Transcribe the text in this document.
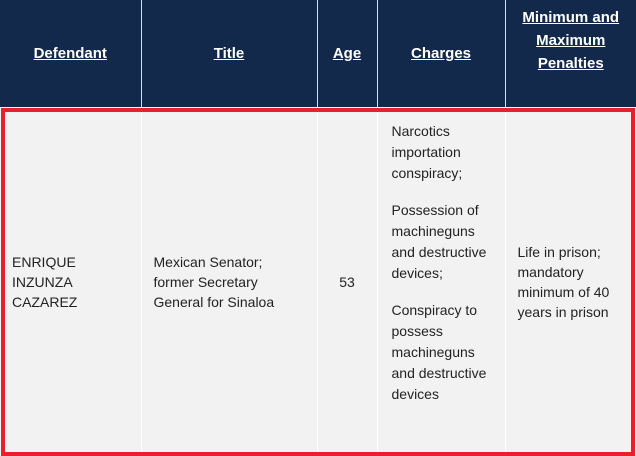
Defendant	Title	Age	Charges	Minimum and Maximum Penalties
ENRIQUE INZUNZA CAZAREZ	Mexican Senator; former Secretary General for Sinaloa	53	Narcotics importation conspiracy;

Possession of machineguns and destructive devices;

Conspiracy to possess machineguns and destructive devices	Life in prison; mandatory minimum of 40 years in prison
